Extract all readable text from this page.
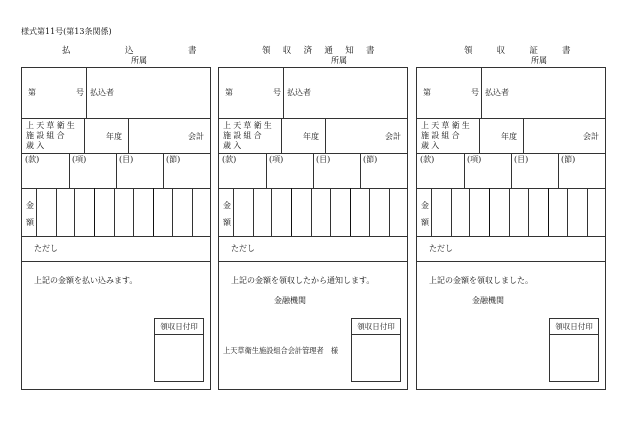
様式第11号(第13条関係)
第	号 払込者
上天草衛生
施設組合
歳入
年度	会計
(款)	(項)	(目)	(節)
金
額
ただし
上記の金額を払い込みます。
領収日付印
第	号 払込者
上天草衛生
施設組合
歳入
年度	会計
(款)	(項)	(目)	(節)
金
額
ただし
上記の金額を領収したから通知します。
金融機関
領収日付印
上天草衛生施設組合会計管理者　様
第	号 払込者
上天草衛生
施設組合
歳入
年度	会計
(款)	(項)	(目)	(節)
金
額
ただし
上記の金額を領収しました。
金融機関
領収日付印
払	込	書
所属
領 収 済 通 知 書
所属
領	収	証	書
所属
